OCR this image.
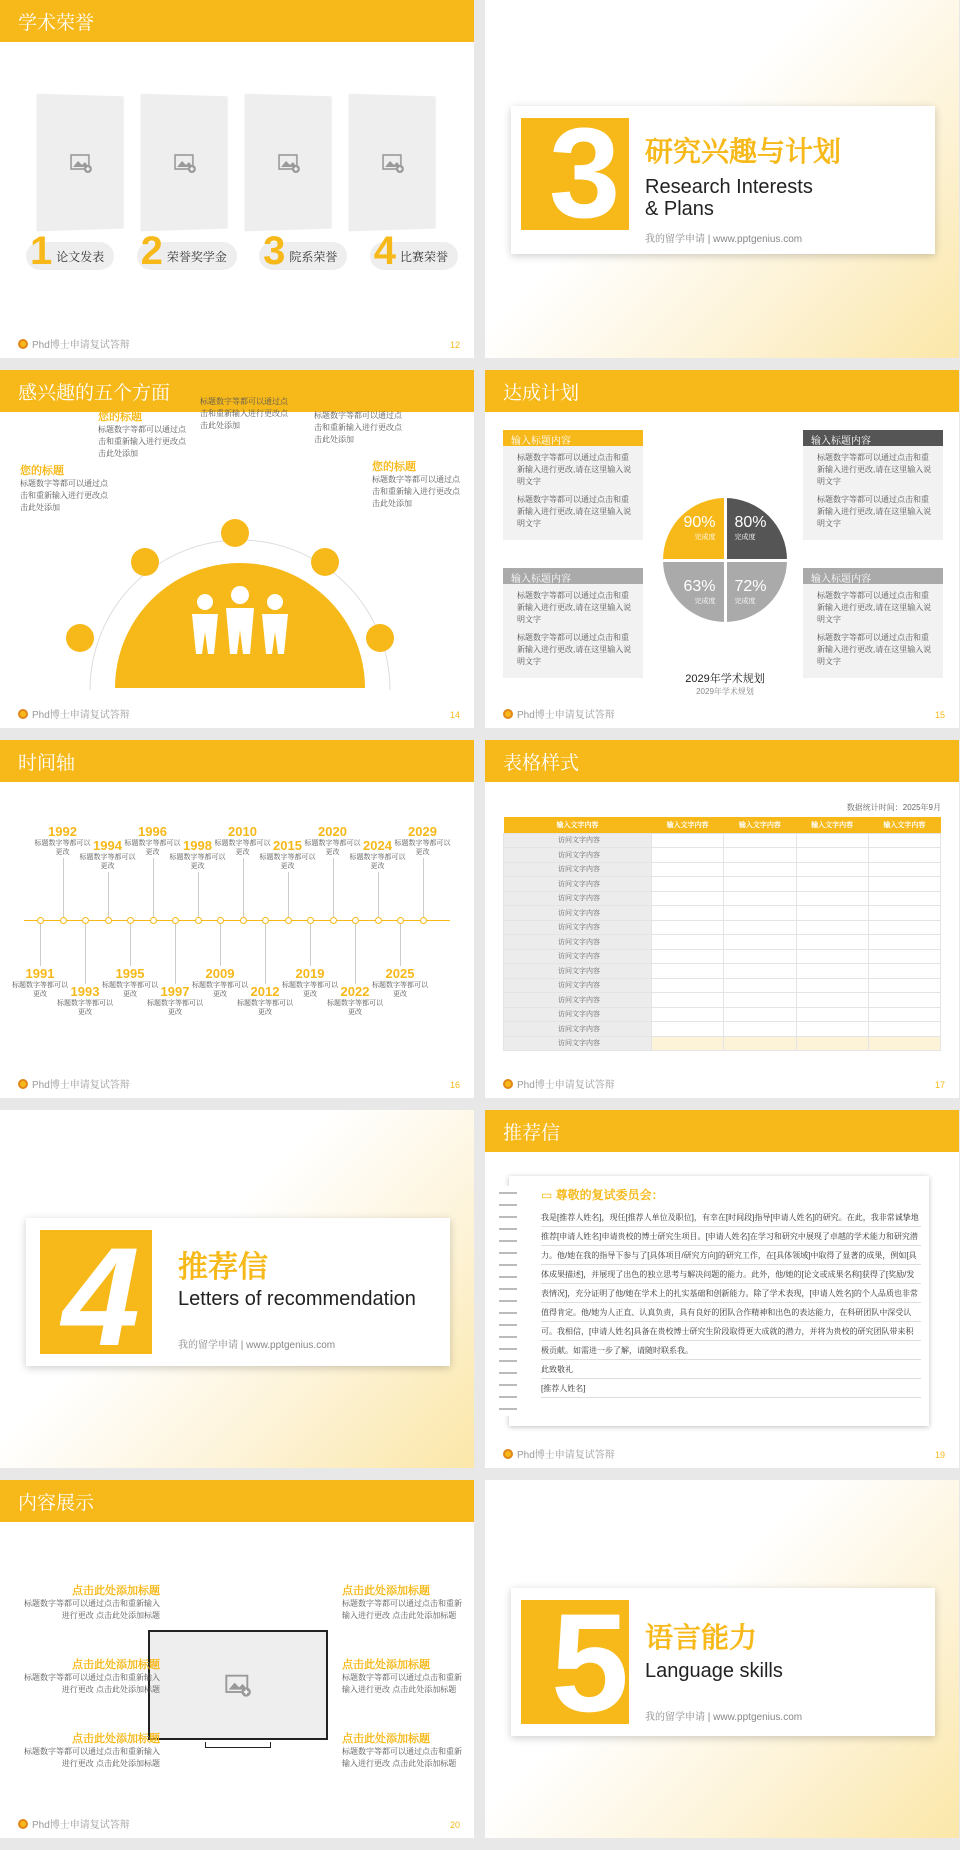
学术荣誉
1 论文发表 2 荣誉奖学金 3 院系荣誉 4 比赛荣誉
Phd博士申请复试答辩	12
3 研究兴趣与计划
Research Interests
& Plans
我的留学申请 | www.pptgenius.com
感兴趣的五个方面
您的标题
标题数字等都可以通过点击和重新输入进行更改点击此处添加
您的标题
标题数字等都可以通过点击和重新输入进行更改点击此处添加
您的标题
标题数字等都可以通过点击和重新输入进行更改点击此处添加
您的标题
标题数字等都可以通过点击和重新输入进行更改点击此处添加
您的标题
标题数字等都可以通过点击和重新输入进行更改点击此处添加
Phd博士申请复试答辩	14
达成计划
输入标题内容
标题数字等都可以通过点击和重新输入进行更改,请在这里输入说明文字
标题数字等都可以通过点击和重新输入进行更改,请在这里输入说明文字
输入标题内容
标题数字等都可以通过点击和重新输入进行更改,请在这里输入说明文字
标题数字等都可以通过点击和重新输入进行更改,请在这里输入说明文字
输入标题内容
标题数字等都可以通过点击和重新输入进行更改,请在这里输入说明文字
标题数字等都可以通过点击和重新输入进行更改,请在这里输入说明文字
输入标题内容
标题数字等都可以通过点击和重新输入进行更改,请在这里输入说明文字
标题数字等都可以通过点击和重新输入进行更改,请在这里输入说明文字
90%
完成度
80%
完成度
63%
完成度
72%
完成度
2029年学术规划
2029年学术规划
Phd博士申请复试答辩	15
时间轴
Phd博士申请复试答辩	16
1992
标题数字等都可以更改	1994
标题数字等都可以更改
1996
标题数字等都可以更改	1998
标题数字等都可以更改
2010
标题数字等都可以更改	2015
标题数字等都可以更改
2020
标题数字等都可以更改	2024
标题数字等都可以更改
2029
标题数字等都可以更改
1991
标题数字等都可以更改	1993
标题数字等都可以更改
1995
标题数字等都可以更改	1997
标题数字等都可以更改
2009
标题数字等都可以更改	2012
标题数字等都可以更改
2019
标题数字等都可以更改	2022
标题数字等都可以更改
2025
标题数字等都可以更改
表格样式
数据统计时间：2025年9月
输入文字内容	输入文字内容	输入文字内容	输入文字内容	输入文字内容
访问文字内容				
访问文字内容				
访问文字内容				
访问文字内容				
访问文字内容				
访问文字内容				
访问文字内容				
访问文字内容				
访问文字内容				
访问文字内容				
访问文字内容				
访问文字内容				
访问文字内容				
访问文字内容				
访问文字内容				
Phd博士申请复试答辩	17
4 推荐信
Letters of recommendation
我的留学申请 | www.pptgenius.com
推荐信
▭ 尊敬的复试委员会：
我是[推荐人姓名]，现任[推荐人单位及职位]，有幸在[时间段]指导[申请人姓名]的研究。在此，我非常诚挚地推荐[申请人姓名]申请贵校的博士研究生项目。[申请人姓名]在学习和研究中展现了卓越的学术能力和研究潜力。他/她在我的指导下参与了[具体项目/研究方向]的研究工作，在[具体领域]中取得了显著的成果，例如[具体成果描述]，并展现了出色的独立思考与解决问题的能力。此外，他/她的[论文或成果名称]获得了[奖励/发表情况]，充分证明了他/她在学术上的扎实基础和创新能力。除了学术表现，[申请人姓名]的个人品质也非常值得肯定。他/她为人正直、认真负责，具有良好的团队合作精神和出色的表达能力，在科研团队中深受认可。我相信，[申请人姓名]具备在贵校博士研究生阶段取得更大成就的潜力，并将为贵校的研究团队带来积极贡献。如需进一步了解，请随时联系我。
此致敬礼
[推荐人姓名]
Phd博士申请复试答辩	19
内容展示
点击此处添加标题
标题数字等都可以通过点击和重新输入进行更改 点击此处添加标题
点击此处添加标题
标题数字等都可以通过点击和重新输入进行更改 点击此处添加标题
点击此处添加标题
标题数字等都可以通过点击和重新输入进行更改 点击此处添加标题
点击此处添加标题
标题数字等都可以通过点击和重新输入进行更改 点击此处添加标题
点击此处添加标题
标题数字等都可以通过点击和重新输入进行更改 点击此处添加标题
点击此处添加标题
标题数字等都可以通过点击和重新输入进行更改 点击此处添加标题
Phd博士申请复试答辩	20
5 语言能力
Language skills
我的留学申请 | www.pptgenius.com
